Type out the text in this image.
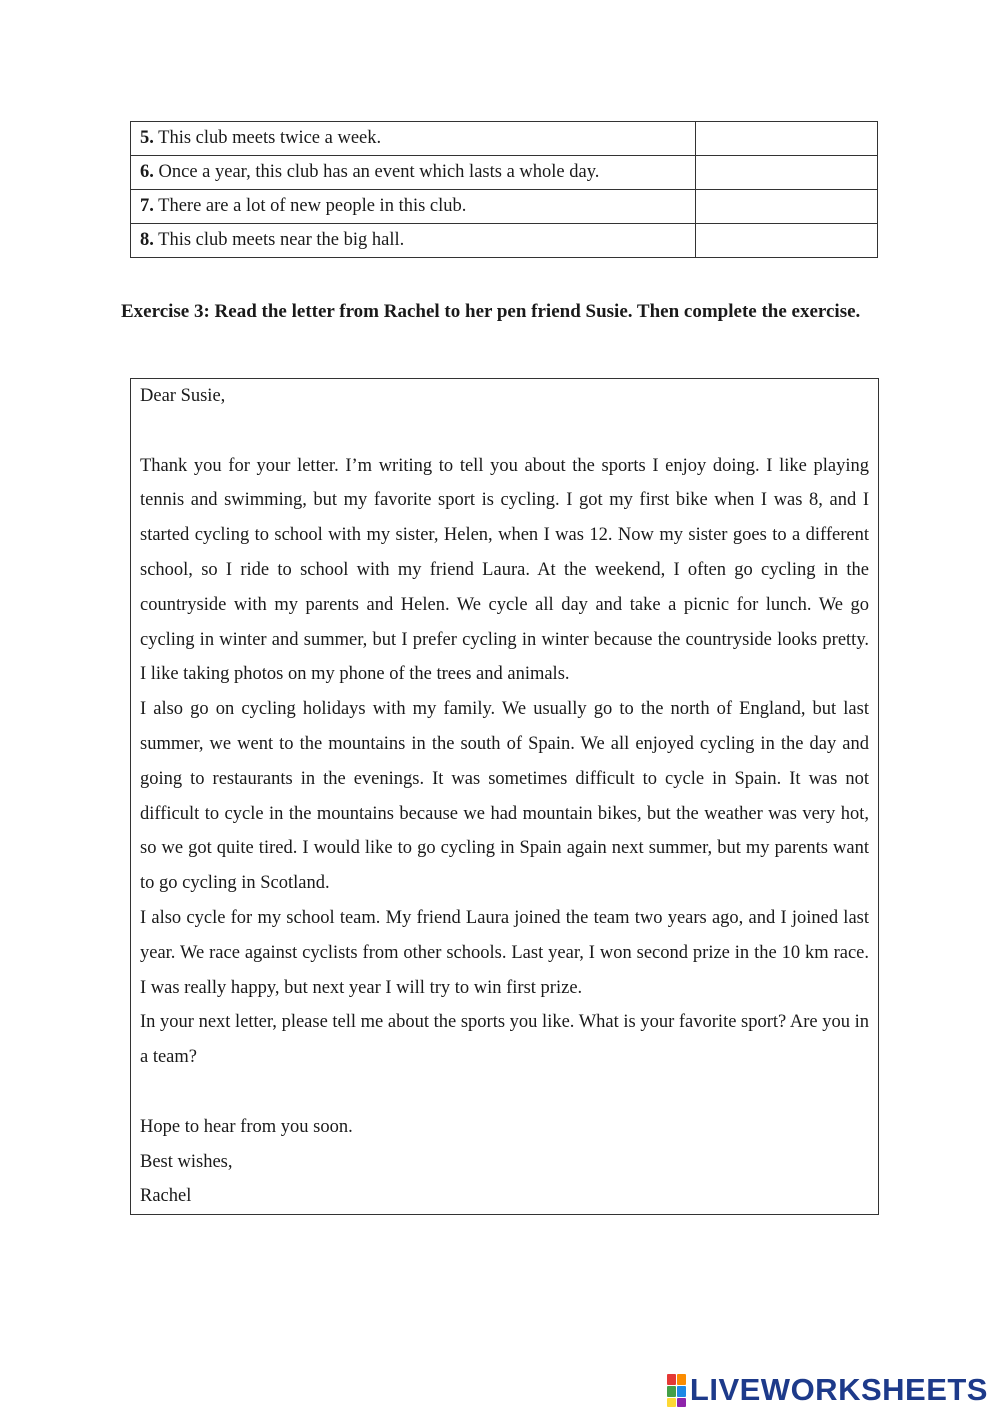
5. This club meets twice a week.	
6. Once a year, this club has an event which lasts a whole day.	
7. There are a lot of new people in this club.	
8. This club meets near the big hall.	

Exercise 3: Read the letter from Rachel to her pen friend Susie. Then complete the exercise.

Dear Susie,

Thank you for your letter. I’m writing to tell you about the sports I enjoy doing. I like playing tennis and swimming, but my favorite sport is cycling. I got my first bike when I was 8, and I started cycling to school with my sister, Helen, when I was 12. Now my sister goes to a different school, so I ride to school with my friend Laura. At the weekend, I often go cycling in the countryside with my parents and Helen. We cycle all day and take a picnic for lunch. We go cycling in winter and summer, but I prefer cycling in winter because the countryside looks pretty. I like taking photos on my phone of the trees and animals.

I also go on cycling holidays with my family. We usually go to the north of England, but last summer, we went to the mountains in the south of Spain. We all enjoyed cycling in the day and going to restaurants in the evenings. It was sometimes difficult to cycle in Spain. It was not difficult to cycle in the mountains because we had mountain bikes, but the weather was very hot, so we got quite tired. I would like to go cycling in Spain again next summer, but my parents want to go cycling in Scotland.

I also cycle for my school team. My friend Laura joined the team two years ago, and I joined last year. We race against cyclists from other schools. Last year, I won second prize in the 10 km race. I was really happy, but next year I will try to win first prize.

In your next letter, please tell me about the sports you like. What is your favorite sport? Are you in a team?

Hope to hear from you soon.

Best wishes,

Rachel

LIVEWORKSHEETS
